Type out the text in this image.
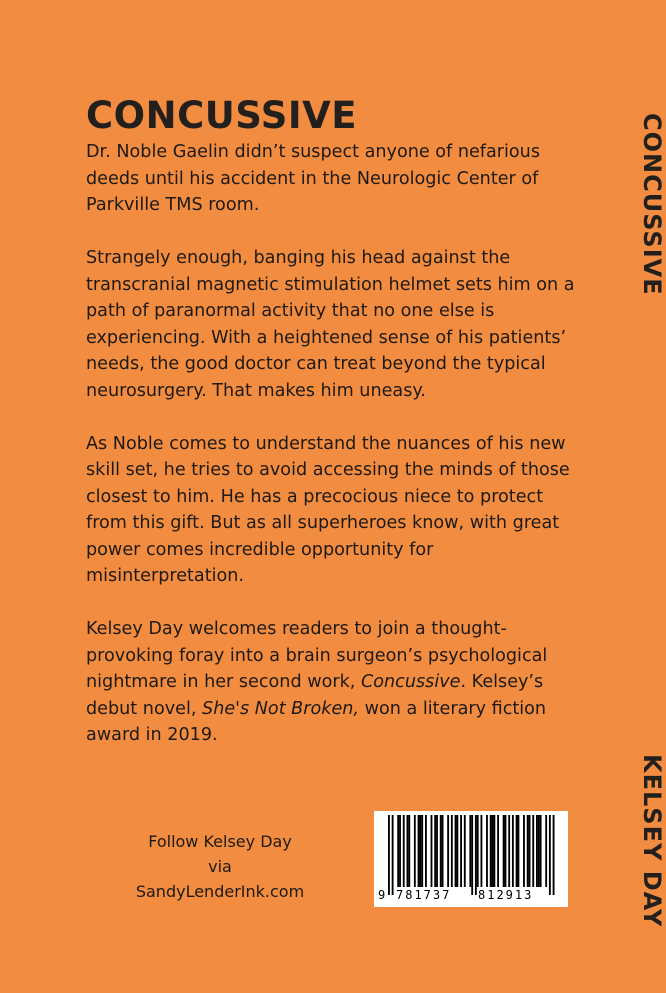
CONCUSSIVE

Dr. Noble Gaelin didn’t suspect anyone of nefarious deeds until his accident in the Neurologic Center of Parkville TMS room.

Strangely enough, banging his head against the transcranial magnetic stimulation helmet sets him on a path of paranormal activity that no one else is experiencing. With a heightened sense of his patients’ needs, the good doctor can treat beyond the typical neurosurgery. That makes him uneasy.

As Noble comes to understand the nuances of his new skill set, he tries to avoid accessing the minds of those closest to him. He has a precocious niece to protect from this gift. But as all superheroes know, with great power comes incredible opportunity for misinterpretation.

Kelsey Day welcomes readers to join a thought-provoking foray into a brain surgeon’s psychological nightmare in her second work, Concussive. Kelsey’s debut novel, She's Not Broken, won a literary fiction award in 2019.

Follow Kelsey Day
via
SandyLenderInk.com
CONCUSSIVE
KELSEY DAY
9 781737 812913
